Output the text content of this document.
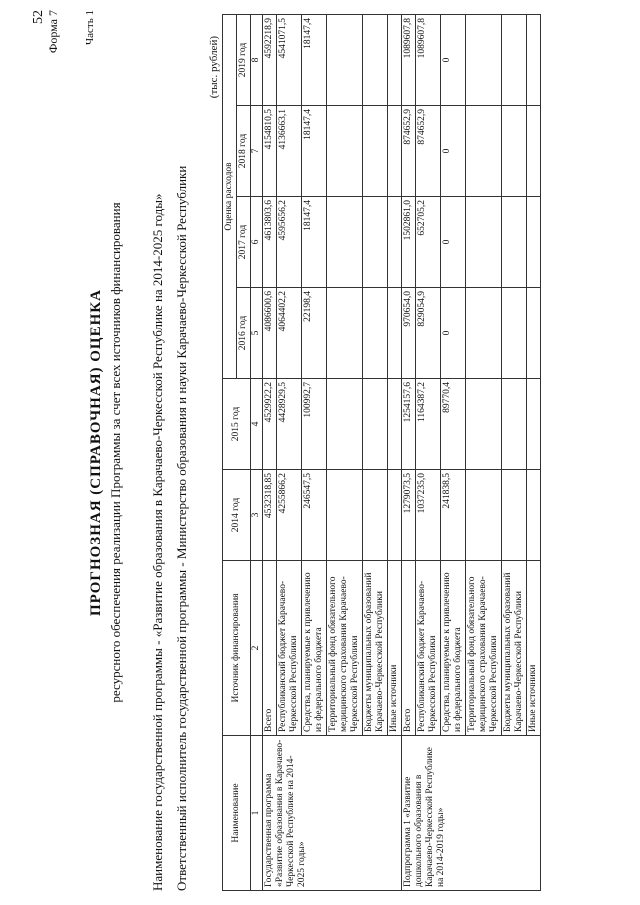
52 Форма 7 Часть 1
ПРОГНОЗНАЯ (СПРАВОЧНАЯ) ОЦЕНКА ресурсного обеспечения реализации Программы за счет всех источников финансирования Наименование государственной программы - «Развитие образования в Карачаево-Черкесской Республике на 2014-2025 годы» Ответственный исполнитель государственной программы - Министерство образования и науки Карачаево-Черкесской Республики
(тыс. рублей)
Наименование	Источник финансирования	2014 год	2015 год	Оценка расходов			
				2016 год	2017 год	2018 год	2019 год
1	2	3	4	5	6	7	8
Государственная программа «Развитие образования в Карачаево-Черкесской Республике на 2014-2025 годы»	Всего	4532318,85	4529922,2	4086600,6	4613803,6	4154810,5	4592218,9
	Республиканский бюджет Карачаево-Черкесской Республики	4255866,2	4428929,5	4064402,2	4595656,2	4136663,1	4541071,5
	Средства, планируемые к привлечению из федерального бюджета	246547,5	100992,7	22198,4	18147,4	18147,4	18147,4
	Территориальный фонд обязательного медицинского страхования Карачаево-Черкесской Республики						
	Бюджеты муниципальных образований Карачаево-Черкесской Республики						
	Иные источники						
Подпрограмма 1 «Развитие дошкольного образования в Карачаево-Черкесской Республике на 2014-2019 годы»	Всего	1279073,5	1254157,6	970654,0	1502861,0	874652,9	1089607,8
	Республиканский бюджет Карачаево-Черкесской Республики	1037235,0	1164387,2	829054,9	652705,2	874652,9	1089607,8
	Средства, планируемые к привлечению из федерального бюджета	241838,5	89770,4	0	0	0	0
	Территориальный фонд обязательного медицинского страхования Карачаево-Черкесской Республики						
	Бюджеты муниципальных образований Карачаево-Черкесской Республики						
	Иные источники						
